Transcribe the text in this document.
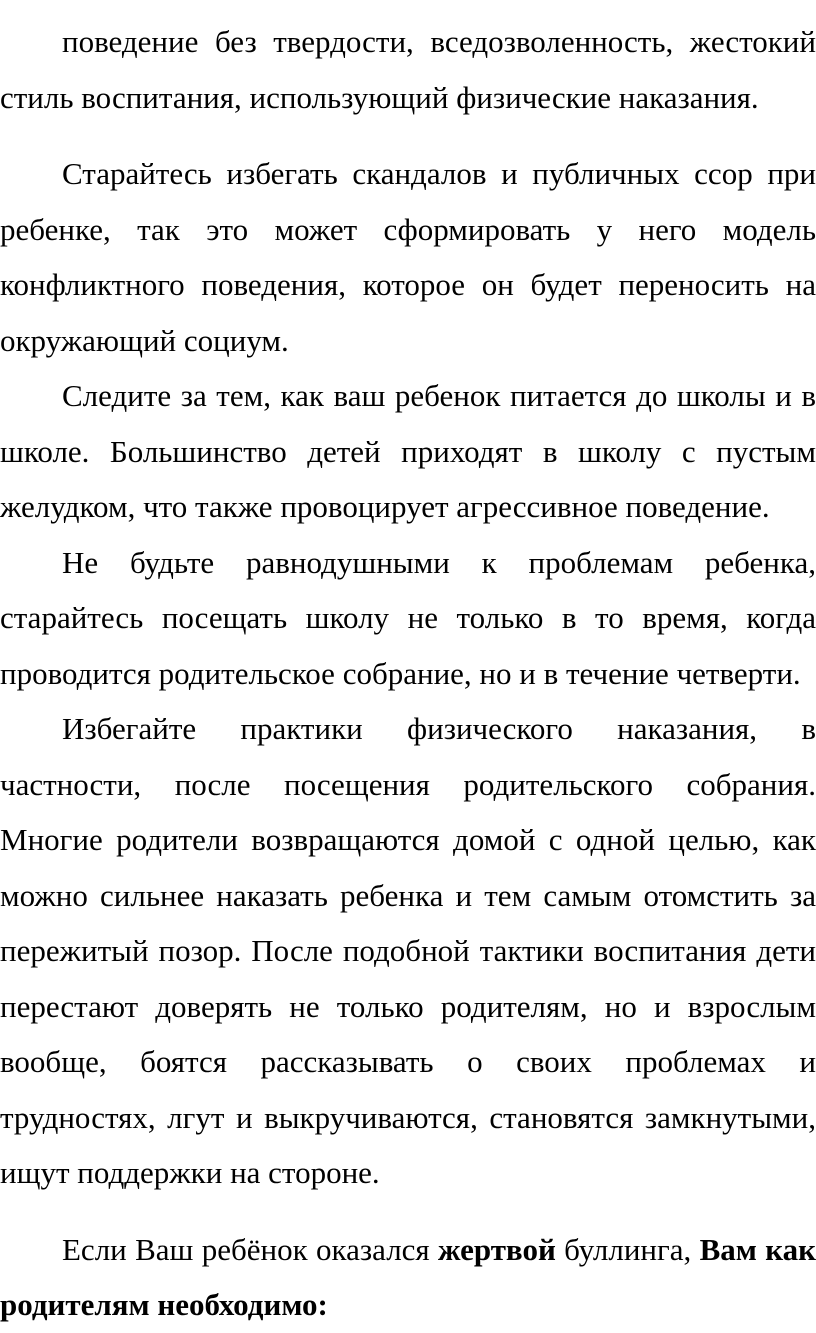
поведение без твердости, вседозволенность, жестокий стиль воспитания, использующий физические наказания.

Старайтесь избегать скандалов и публичных ссор при ребенке, так это может сформировать у него модель конфликтного поведения, которое он будет переносить на окружающий социум.

Следите за тем, как ваш ребенок питается до школы и в школе. Большинство детей приходят в школу с пустым желудком, что также провоцирует агрессивное поведение.

Не будьте равнодушными к проблемам ребенка, старайтесь посещать школу не только в то время, когда проводится родительское собрание, но и в течение четверти.

Избегайте практики физического наказания, в частности, после посещения родительского собрания. Многие родители возвращаются домой с одной целью, как можно сильнее наказать ребенка и тем самым отомстить за пережитый позор. После подобной тактики воспитания дети перестают доверять не только родителям, но и взрослым вообще, боятся рассказывать о своих проблемах и трудностях, лгут и выкручиваются, становятся замкнутыми, ищут поддержки на стороне.

Если Ваш ребёнок оказался жертвой буллинга, Вам как родителям необходимо:
